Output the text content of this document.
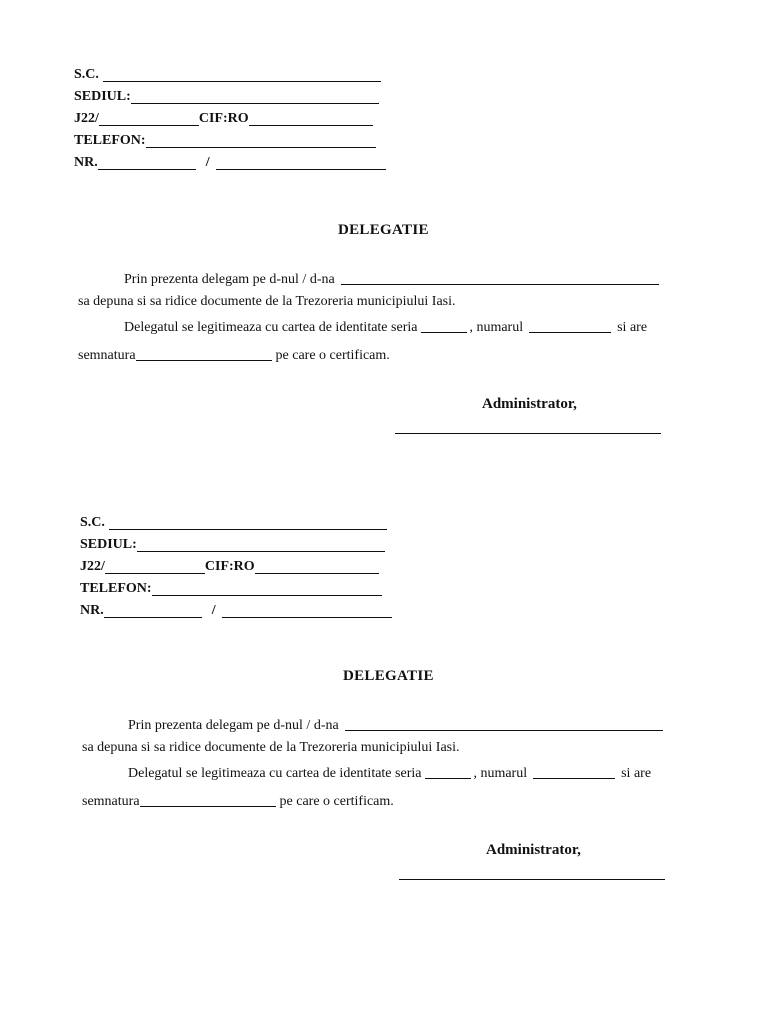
S.C.
SEDIUL:
J22/	CIF:RO
TELEFON:
NR.	/
DELEGATIE
Prin prezenta delegam pe d-nul / d-na
sa depuna si sa ridice documente de la Trezoreria municipiului Iasi.
Delegatul se legitimeaza cu cartea de identitate seria	, numarul	si are
semnatura	pe care o certificam.
Administrator,
S.C.
SEDIUL:
J22/	CIF:RO
TELEFON:
NR.	/
DELEGATIE
Prin prezenta delegam pe d-nul / d-na
sa depuna si sa ridice documente de la Trezoreria municipiului Iasi.
Delegatul se legitimeaza cu cartea de identitate seria	, numarul	si are
semnatura	pe care o certificam.
Administrator,
